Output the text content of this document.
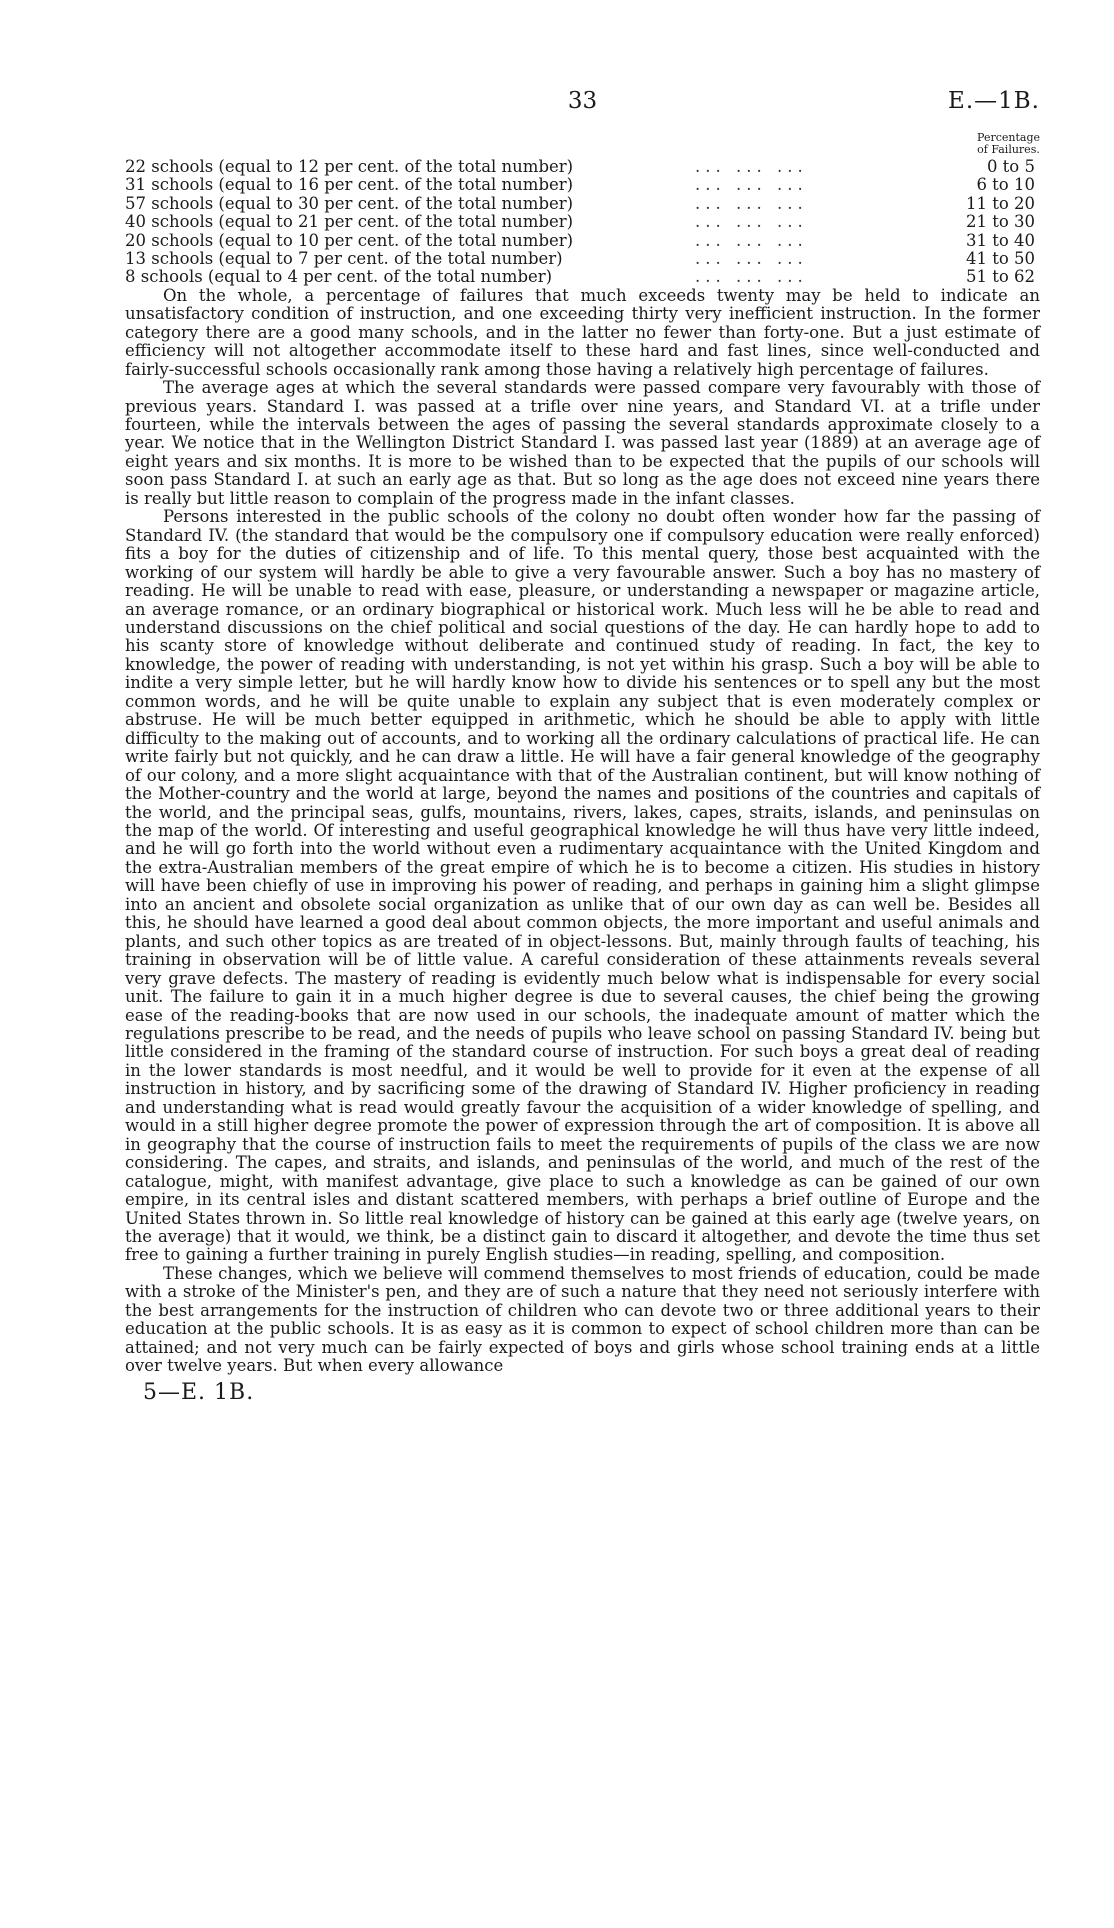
33	E.—1B.
Percentage
of Failures.
22 schools (equal to 12 per cent. of the total number)	... ... ...	0 to 5
31 schools (equal to 16 per cent. of the total number)	... ... ...	6 to 10
57 schools (equal to 30 per cent. of the total number)	... ... ...	11 to 20
40 schools (equal to 21 per cent. of the total number)	... ... ...	21 to 30
20 schools (equal to 10 per cent. of the total number)	... ... ...	31 to 40
13 schools (equal to 7 per cent. of the total number)	... ... ...	41 to 50
8 schools (equal to 4 per cent. of the total number)	... ... ...	51 to 62

On the whole, a percentage of failures that much exceeds twenty may be held to indicate an unsatisfactory condition of instruction, and one exceeding thirty very inefficient instruction. In the former category there are a good many schools, and in the latter no fewer than forty-one. But a just estimate of efficiency will not altogether accommodate itself to these hard and fast lines, since well-conducted and fairly-successful schools occasionally rank among those having a relatively high percentage of failures.

The average ages at which the several standards were passed compare very favourably with those of previous years. Standard I. was passed at a trifle over nine years, and Standard VI. at a trifle under fourteen, while the intervals between the ages of passing the several standards approximate closely to a year. We notice that in the Wellington District Standard I. was passed last year (1889) at an average age of eight years and six months. It is more to be wished than to be expected that the pupils of our schools will soon pass Standard I. at such an early age as that. But so long as the age does not exceed nine years there is really but little reason to complain of the progress made in the infant classes.

Persons interested in the public schools of the colony no doubt often wonder how far the passing of Standard IV. (the standard that would be the compulsory one if compulsory education were really enforced) fits a boy for the duties of citizenship and of life. To this mental query, those best acquainted with the working of our system will hardly be able to give a very favourable answer. Such a boy has no mastery of reading. He will be unable to read with ease, pleasure, or understanding a newspaper or magazine article, an average romance, or an ordinary biographical or historical work. Much less will he be able to read and understand discussions on the chief political and social questions of the day. He can hardly hope to add to his scanty store of knowledge without deliberate and continued study of reading. In fact, the key to knowledge, the power of reading with understanding, is not yet within his grasp. Such a boy will be able to indite a very simple letter, but he will hardly know how to divide his sentences or to spell any but the most common words, and he will be quite unable to explain any subject that is even moderately complex or abstruse. He will be much better equipped in arithmetic, which he should be able to apply with little difficulty to the making out of accounts, and to working all the ordinary calculations of practical life. He can write fairly but not quickly, and he can draw a little. He will have a fair general knowledge of the geography of our colony, and a more slight acquaintance with that of the Australian continent, but will know nothing of the Mother-country and the world at large, beyond the names and positions of the countries and capitals of the world, and the principal seas, gulfs, mountains, rivers, lakes, capes, straits, islands, and peninsulas on the map of the world. Of interesting and useful geographical knowledge he will thus have very little indeed, and he will go forth into the world without even a rudimentary acquaintance with the United Kingdom and the extra-Australian members of the great empire of which he is to become a citizen. His studies in history will have been chiefly of use in improving his power of reading, and perhaps in gaining him a slight glimpse into an ancient and obsolete social organization as unlike that of our own day as can well be. Besides all this, he should have learned a good deal about common objects, the more important and useful animals and plants, and such other topics as are treated of in object-lessons. But, mainly through faults of teaching, his training in observation will be of little value. A careful consideration of these attainments reveals several very grave defects. The mastery of reading is evidently much below what is indispensable for every social unit. The failure to gain it in a much higher degree is due to several causes, the chief being the growing ease of the reading-books that are now used in our schools, the inadequate amount of matter which the regulations prescribe to be read, and the needs of pupils who leave school on passing Standard IV. being but little considered in the framing of the standard course of instruction. For such boys a great deal of reading in the lower standards is most needful, and it would be well to provide for it even at the expense of all instruction in history, and by sacrificing some of the drawing of Standard IV. Higher proficiency in reading and understanding what is read would greatly favour the acquisition of a wider knowledge of spelling, and would in a still higher degree promote the power of expression through the art of composition. It is above all in geography that the course of instruction fails to meet the requirements of pupils of the class we are now considering. The capes, and straits, and islands, and peninsulas of the world, and much of the rest of the catalogue, might, with manifest advantage, give place to such a knowledge as can be gained of our own empire, in its central isles and distant scattered members, with perhaps a brief outline of Europe and the United States thrown in. So little real knowledge of history can be gained at this early age (twelve years, on the average) that it would, we think, be a distinct gain to discard it altogether, and devote the time thus set free to gaining a further training in purely English studies—in reading, spelling, and composition.

These changes, which we believe will commend themselves to most friends of education, could be made with a stroke of the Minister's pen, and they are of such a nature that they need not seriously interfere with the best arrangements for the instruction of children who can devote two or three additional years to their education at the public schools. It is as easy as it is common to expect of school children more than can be attained; and not very much can be fairly expected of boys and girls whose school training ends at a little over twelve years. But when every allowance

5—E. 1B.
